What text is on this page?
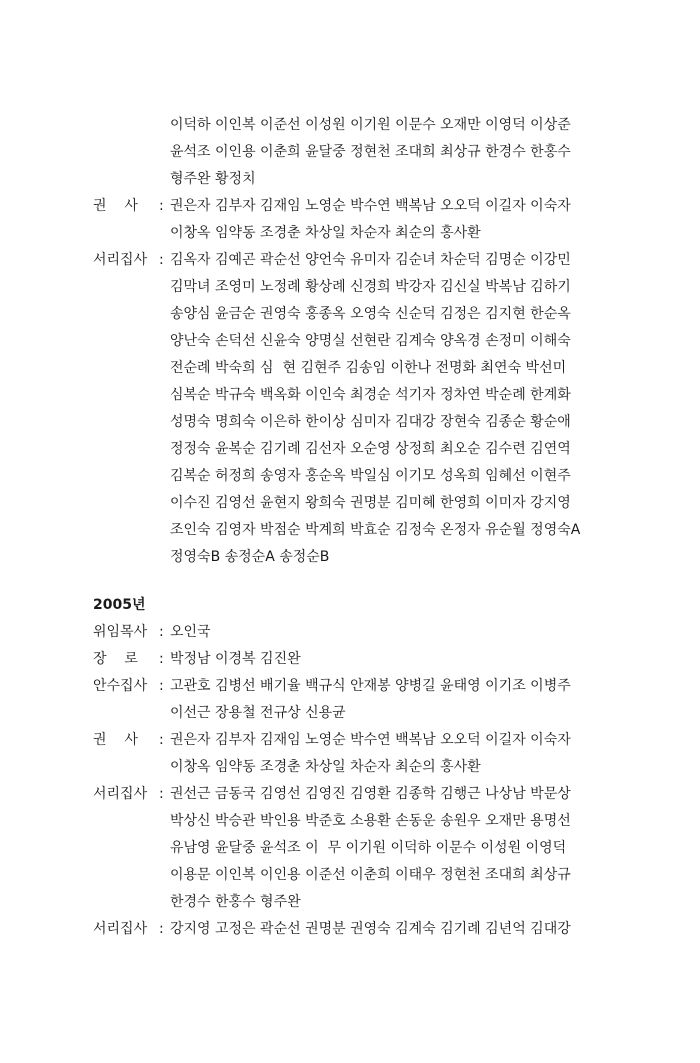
이덕하 이인복 이준선 이성원 이기원 이문수 오재만 이영덕 이상준
윤석조 이인용 이춘희 윤달중 정현천 조대희 최상규 한경수 한홍수
형주완 황정치
권    사 : 권은자 김부자 김재임 노영순 박수연 백복남 오오덕 이길자 이숙자
이창옥 임약동 조경춘 차상일 차순자 최순의 홍사환
서리집사 : 김옥자 김예곤 곽순선 양언숙 유미자 김순녀 차순덕 김명순 이강민
김막녀 조영미 노정례 황상례 신경희 박강자 김신실 박복남 김하기
송양심 윤금순 권영숙 홍종옥 오영숙 신순덕 김정은 김지현 한순옥
양난숙 손덕선 신윤숙 양명실 선현란 김계숙 양옥경 손정미 이해숙
전순례 박숙희 심  현 김현주 김송임 이한나 전명화 최연숙 박선미
심복순 박규숙 백옥화 이인숙 최경순 석기자 정차연 박순례 한계화
성명숙 명희숙 이은하 한이상 심미자 김대강 장현숙 김종순 황순애
정정숙 윤복순 김기례 김선자 오순영 상정희 최오순 김수련 김연역
김복순 허정희 송영자 홍순옥 박일심 이기모 성옥희 임혜선 이현주
이수진 김영선 윤현지 왕희숙 권명분 김미혜 한영희 이미자 강지영
조인숙 김영자 박점순 박계희 박효순 김정숙 온정자 유순월 정영숙A
정영숙B 송정순A 송정순B
2005년
위임목사 : 오인국
장    로 : 박정남 이경복 김진완
안수집사 : 고관호 김병선 배기율 백규식 안재봉 양병길 윤태영 이기조 이병주
이선근 장용철 전규상 신용균
권    사 : 권은자 김부자 김재임 노영순 박수연 백복남 오오덕 이길자 이숙자
이창옥 임약동 조경춘 차상일 차순자 최순의 홍사환
서리집사 : 권선근 금동국 김영선 김영진 김영환 김종학 김행근 나상남 박문상
박상신 박승관 박인용 박준호 소용환 손동운 송원우 오재만 용명선
유남영 윤달중 윤석조 이  무 이기원 이덕하 이문수 이성원 이영덕
이용문 이인복 이인용 이준선 이춘희 이태우 정현천 조대희 최상규
한경수 한홍수 형주완
서리집사 : 강지영 고정은 곽순선 권명분 권영숙 김계숙 김기례 김년억 김대강
